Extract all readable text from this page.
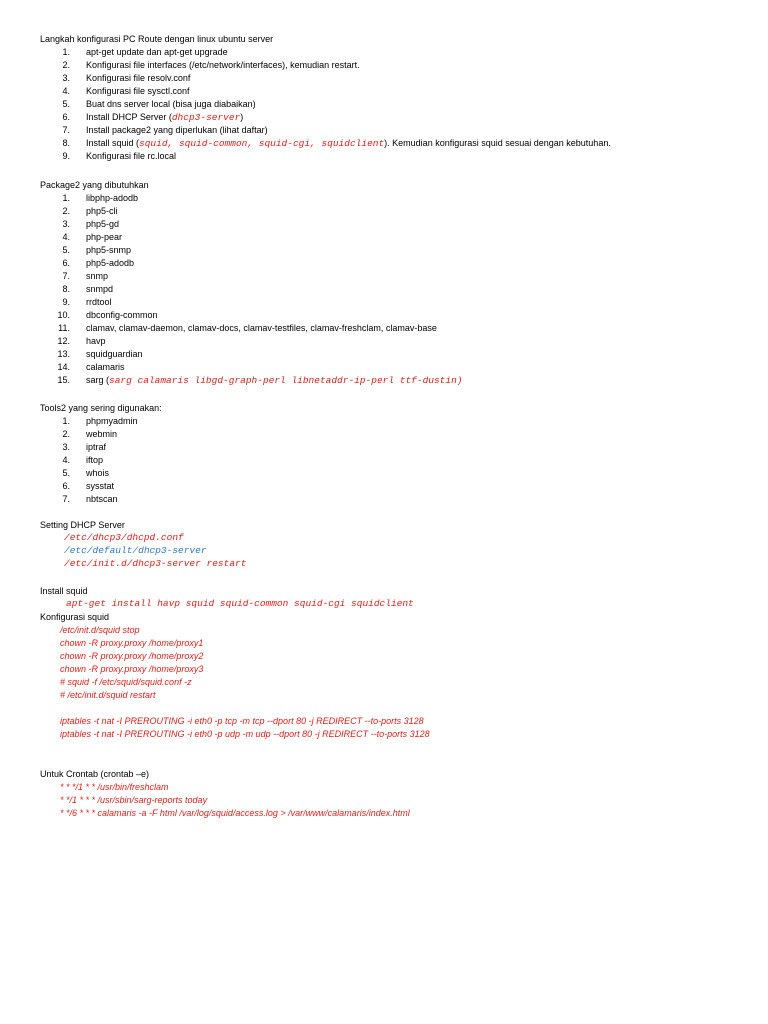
Langkah konfigurasi PC Route dengan linux ubuntu server
1. apt-get update dan apt-get upgrade
2. Konfigurasi file interfaces (/etc/network/interfaces), kemudian restart.
3. Konfigurasi file resolv.conf
4. Konfigurasi file sysctl.conf
5. Buat dns server local (bisa juga diabaikan)
6. Install DHCP Server (dhcp3-server)
7. Install package2 yang diperlukan (lihat daftar)
8. Install squid (squid, squid-common, squid-cgi, squidclient). Kemudian konfigurasi squid sesuai dengan kebutuhan.
9. Konfigurasi file rc.local
Package2 yang dibutuhkan
1. libphp-adodb
2. php5-cli
3. php5-gd
4. php-pear
5. php5-snmp
6. php5-adodb
7. snmp
8. snmpd
9. rrdtool
10. dbconfig-common
11. clamav, clamav-daemon, clamav-docs, clamav-testfiles, clamav-freshclam, clamav-base
12. havp
13. squidguardian
14. calamaris
15. sarg (sarg calamaris libgd-graph-perl libnetaddr-ip-perl ttf-dustin)
Tools2 yang sering digunakan:
1. phpmyadmin
2. webmin
3. iptraf
4. iftop
5. whois
6. sysstat
7. nbtscan
Setting DHCP Server
/etc/dhcp3/dhcpd.conf
/etc/default/dhcp3-server
/etc/init.d/dhcp3-server restart
Install squid
apt-get install havp squid squid-common squid-cgi squidclient
Konfigurasi squid
/etc/init.d/squid stop
chown -R proxy.proxy /home/proxy1
chown -R proxy.proxy /home/proxy2
chown -R proxy.proxy /home/proxy3
# squid -f /etc/squid/squid.conf -z
# /etc/init.d/squid restart
iptables -t nat -I PREROUTING -i eth0 -p tcp -m tcp --dport 80 -j REDIRECT --to-ports 3128
iptables -t nat -I PREROUTING -i eth0 -p udp -m udp --dport 80 -j REDIRECT --to-ports 3128
Untuk Crontab (crontab –e)
* * */1 * * /usr/bin/freshclam
* */1 * * * /usr/sbin/sarg-reports today
* */6 * * * calamaris -a -F html /var/log/squid/access.log > /var/www/calamaris/index.html
